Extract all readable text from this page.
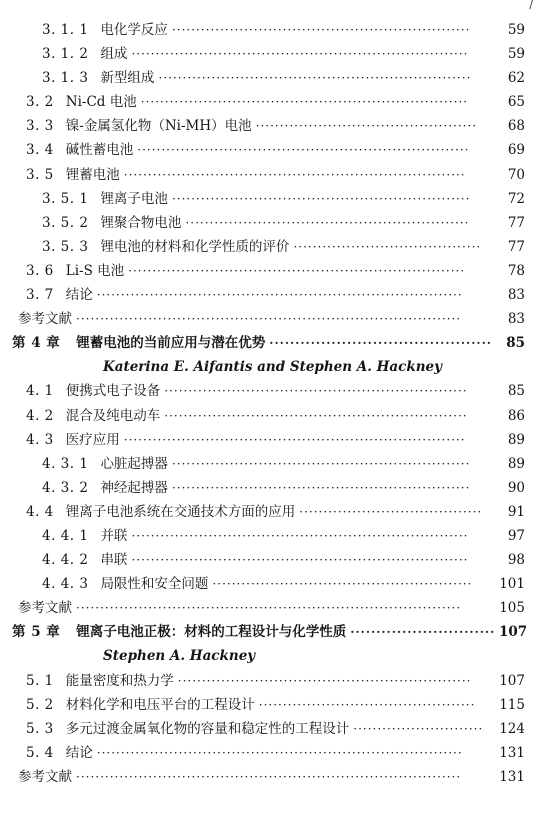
/
3. 1. 1 电化学反应 ······························································	59
3. 1. 2 组成 ······································································	59
3. 1. 3 新型组成 ·································································	62
3. 2 Ni-Cd 电池 ····································································	65
3. 3 镍-金属氢化物（Ni-MH）电池 ··············································	68
3. 4 碱性蓄电池 ·····································································	69
3. 5 锂蓄电池 ·······································································	70
3. 5. 1 锂离子电池 ······························································	72
3. 5. 2 锂聚合物电池 ···························································	77
3. 5. 3 锂电池的材料和化学性质的评价 ·······································	77
3. 6 Li-S 电池 ······································································	78
3. 7 结论 ············································································	83
参考文献 ················································································	83
第 4 章 锂蓄电池的当前应用与潜在优势 ···········································	85
Katerina E. Aifantis and Stephen A. Hackney
4. 1 便携式电子设备 ·······························································	85
4. 2 混合及纯电动车 ·······························································	86
4. 3 医疗应用 ·······································································	89
4. 3. 1 心脏起搏器 ······························································	89
4. 3. 2 神经起搏器 ······························································	90
4. 4 锂离子电池系统在交通技术方面的应用 ······································	91
4. 4. 1 并联 ······································································	97
4. 4. 2 串联 ······································································	98
4. 4. 3 局限性和安全问题 ······················································	101
参考文献 ················································································	105
第 5 章 锂离子电池正极：材料的工程设计与化学性质 ···························· 107
Stephen A. Hackney
5. 1 能量密度和热力学 ·····························································	107
5. 2 材料化学和电压平台的工程设计 ·············································	115
5. 3 多元过渡金属氧化物的容量和稳定性的工程设计 ···························	124
5. 4 结论 ············································································	131
参考文献 ················································································	131
